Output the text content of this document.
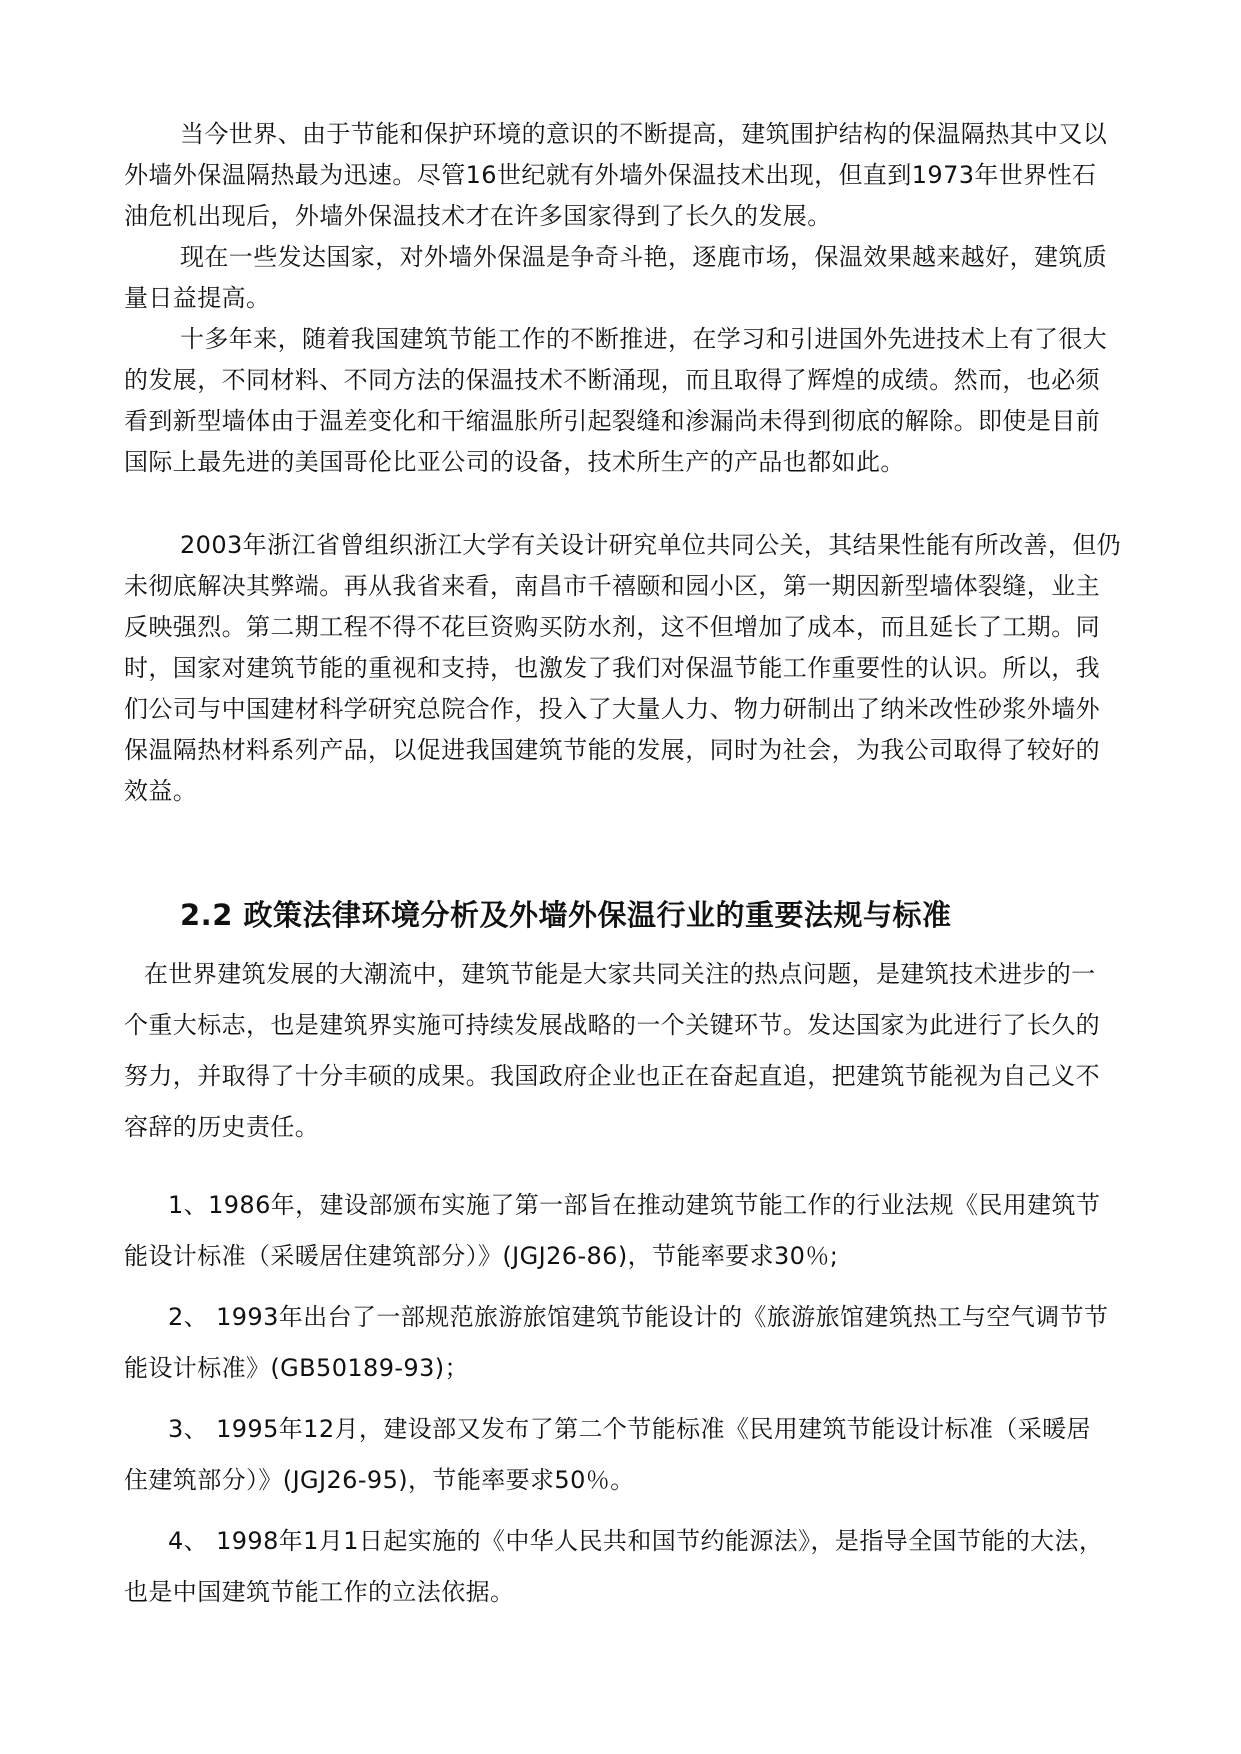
当今世界、由于节能和保护环境的意识的不断提高，建筑围护结构的保温隔热其中又以

外墙外保温隔热最为迅速。尽管16世纪就有外墙外保温技术出现，但直到1973年世界性石

油危机出现后，外墙外保温技术才在许多国家得到了长久的发展。

现在一些发达国家，对外墙外保温是争奇斗艳，逐鹿市场，保温效果越来越好，建筑质

量日益提高。

十多年来，随着我国建筑节能工作的不断推进，在学习和引进国外先进技术上有了很大

的发展，不同材料、不同方法的保温技术不断涌现，而且取得了辉煌的成绩。然而，也必须

看到新型墙体由于温差变化和干缩温胀所引起裂缝和渗漏尚未得到彻底的解除。即使是目前

国际上最先进的美国哥伦比亚公司的设备，技术所生产的产品也都如此。

2003年浙江省曾组织浙江大学有关设计研究单位共同公关，其结果性能有所改善，但仍

未彻底解决其弊端。再从我省来看，南昌市千禧颐和园小区，第一期因新型墙体裂缝，业主

反映强烈。第二期工程不得不花巨资购买防水剂，这不但增加了成本，而且延长了工期。同

时，国家对建筑节能的重视和支持，也激发了我们对保温节能工作重要性的认识。所以，我

们公司与中国建材科学研究总院合作，投入了大量人力、物力研制出了纳米改性砂浆外墙外

保温隔热材料系列产品，以促进我国建筑节能的发展，同时为社会，为我公司取得了较好的

效益。

2.2 政策法律环境分析及外墙外保温行业的重要法规与标准

在世界建筑发展的大潮流中，建筑节能是大家共同关注的热点问题，是建筑技术进步的一

个重大标志，也是建筑界实施可持续发展战略的一个关键环节。发达国家为此进行了长久的

努力，并取得了十分丰硕的成果。我国政府企业也正在奋起直追，把建筑节能视为自己义不

容辞的历史责任。

1、1986年，建设部颁布实施了第一部旨在推动建筑节能工作的行业法规《民用建筑节

能设计标准（采暖居住建筑部分）》(JGJ26-86)，节能率要求30％;

2、 1993年出台了一部规范旅游旅馆建筑节能设计的《旅游旅馆建筑热工与空气调节节

能设计标准》(GB50189-93)；

3、 1995年12月，建设部又发布了第二个节能标准《民用建筑节能设计标准（采暖居

住建筑部分）》(JGJ26-95)，节能率要求50％。

4、 1998年1月1日起实施的《中华人民共和国节约能源法》，是指导全国节能的大法，

也是中国建筑节能工作的立法依据。
